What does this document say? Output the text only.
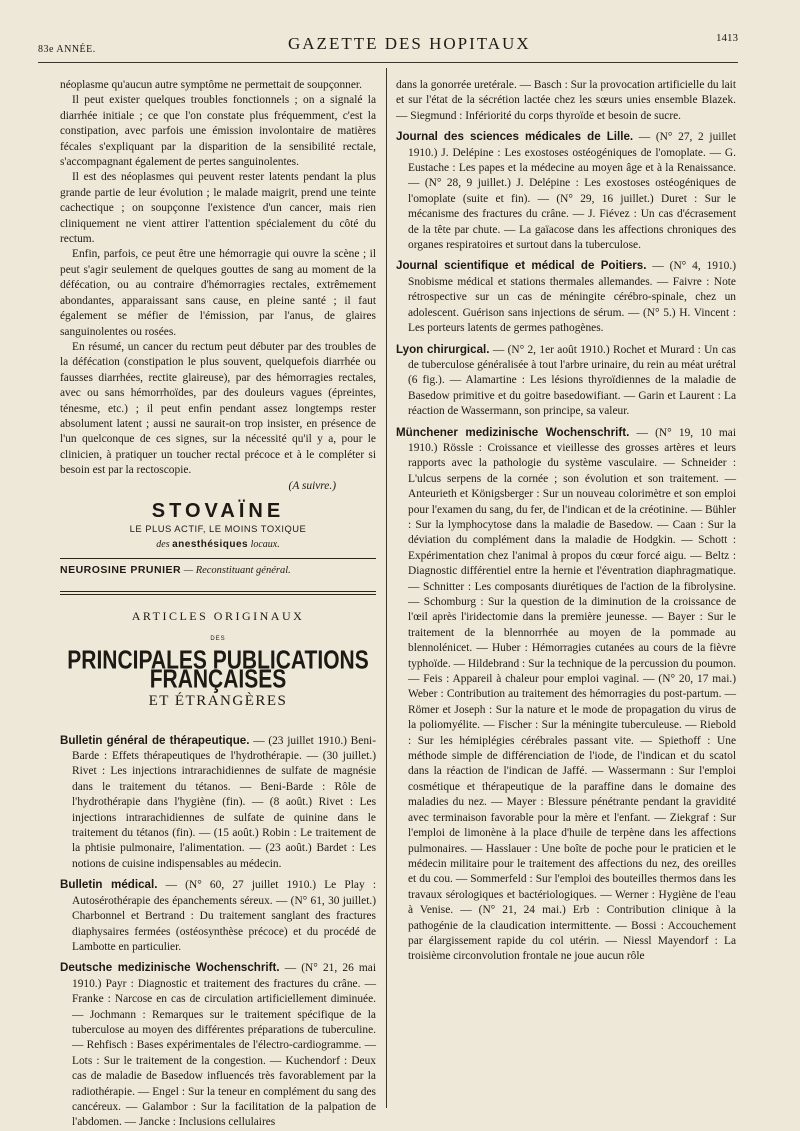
83e ANNÉE.	GAZETTE DES HOPITAUX	1413

néoplasme qu'aucun autre symptôme ne permettait de soupçonner.

Il peut exister quelques troubles fonctionnels ; on a signalé la diarrhée initiale ; ce que l'on constate plus fréquemment, c'est la constipation, avec parfois une émission involontaire de matières fécales s'expliquant par la disparition de la sensibilité rectale, s'accompagnant également de pertes sanguinolentes.

Il est des néoplasmes qui peuvent rester latents pendant la plus grande partie de leur évolution ; le malade maigrit, prend une teinte cachectique ; on soupçonne l'existence d'un cancer, mais rien cliniquement ne vient attirer l'attention spécialement du côté du rectum.

Enfin, parfois, ce peut être une hémorragie qui ouvre la scène ; il peut s'agir seulement de quelques gouttes de sang au moment de la défécation, ou au contraire d'hémorragies rectales, extrêmement abondantes, apparaissant sans cause, en pleine santé ; il faut également se méfier de l'émission, par l'anus, de glaires sanguinolentes ou rosées.

En résumé, un cancer du rectum peut débuter par des troubles de la défécation (constipation le plus souvent, quelquefois diarrhée ou fausses diarrhées, rectite glaireuse), par des hémorragies rectales, avec ou sans hémorrhoïdes, par des douleurs vagues (épreintes, ténesme, etc.) ; il peut enfin pendant assez longtemps rester absolument latent ; aussi ne saurait-on trop insister, en présence de l'un quelconque de ces signes, sur la nécessité qu'il y a, pour le clinicien, à pratiquer un toucher rectal précoce et à le compléter si besoin est par la rectoscopie.

(A suivre.)

STOVAÏNE
LE PLUS ACTIF, LE MOINS TOXIQUE
des anesthésiques locaux.
NEUROSINE PRUNIER — Reconstituant général.
ARTICLES ORIGINAUX
DES
PRINCIPALES PUBLICATIONS FRANÇAISES
ET ÉTRANGÈRES

Bulletin général de thérapeutique. — (23 juillet 1910.) Beni-Barde : Effets thérapeutiques de l'hydrothérapie. — (30 juillet.) Rivet : Les injections intrarachidiennes de sulfate de magnésie dans le traitement du tétanos. — Beni-Barde : Rôle de l'hydrothérapie dans l'hygiène (fin). — (8 août.) Rivet : Les injections intrarachidiennes de sulfate de quinine dans le traitement du tétanos (fin). — (15 août.) Robin : Le traitement de la phtisie pulmonaire, l'alimentation. — (23 août.) Bardet : Les notions de cuisine indispensables au médecin.

Bulletin médical. — (N° 60, 27 juillet 1910.) Le Play : Autosérothérapie des épanchements séreux. — (N° 61, 30 juillet.) Charbonnel et Bertrand : Du traitement sanglant des fractures diaphysaires fermées (ostéosynthèse précoce) et du procédé de Lambotte en particulier.

Deutsche medizinische Wochenschrift. — (N° 21, 26 mai 1910.) Payr : Diagnostic et traitement des fractures du crâne. — Franke : Narcose en cas de circulation artificiellement diminuée. — Jochmann : Remarques sur le traitement spécifique de la tuberculose au moyen des différentes préparations de tuberculine. — Rehfisch : Bases expérimentales de l'électro-cardiogramme. — Lots : Sur le traitement de la congestion. — Kuchendorf : Deux cas de maladie de Basedow influencés très favorablement par la radiothérapie. — Engel : Sur la teneur en complément du sang des cancéreux. — Galambor : Sur la facilitation de la palpation de l'abdomen. — Jancke : Inclusions cellulaires

dans la gonorrée uretérale. — Basch : Sur la provocation artificielle du lait et sur l'état de la sécrétion lactée chez les sœurs unies ensemble Blazek. — Siegmund : Infériorité du corps thyroïde et besoin de sucre.

Journal des sciences médicales de Lille. — (N° 27, 2 juillet 1910.) J. Delépine : Les exostoses ostéogéniques de l'omoplate. — G. Eustache : Les papes et la médecine au moyen âge et à la Renaissance. — (N° 28, 9 juillet.) J. Delépine : Les exostoses ostéogéniques de l'omoplate (suite et fin). — (N° 29, 16 juillet.) Duret : Sur le mécanisme des fractures du crâne. — J. Fiévez : Un cas d'écrasement de la tête par chute. — La gaïacose dans les affections chroniques des organes respiratoires et surtout dans la tuberculose.

Journal scientifique et médical de Poitiers. — (N° 4, 1910.) Snobisme médical et stations thermales allemandes. — Faivre : Note rétrospective sur un cas de méningite cérébro-spinale, chez un adolescent. Guérison sans injections de sérum. — (N° 5.) H. Vincent : Les porteurs latents de germes pathogènes.

Lyon chirurgical. — (N° 2, 1er août 1910.) Rochet et Murard : Un cas de tuberculose généralisée à tout l'arbre urinaire, du rein au méat urétral (6 fig.). — Alamartine : Les lésions thyroïdiennes de la maladie de Basedow primitive et du goitre basedowifiant. — Garin et Laurent : La réaction de Wassermann, son principe, sa valeur.

Münchener medizinische Wochenschrift. — (N° 19, 10 mai 1910.) Rössle : Croissance et vieillesse des grosses artères et leurs rapports avec la pathologie du système vasculaire. — Schneider : L'ulcus serpens de la cornée ; son évolution et son traitement. — Anteurieth et Königsberger : Sur un nouveau colorimètre et son emploi pour l'examen du sang, du fer, de l'indican et de la créotinine. — Bühler : Sur la lymphocytose dans la maladie de Basedow. — Caan : Sur la déviation du complément dans la maladie de Hodgkin. — Schott : Expérimentation chez l'animal à propos du cœur forcé aigu. — Beltz : Diagnostic différentiel entre la hernie et l'éventration diaphragmatique. — Schnitter : Les composants diurétiques de l'action de la fibrolysine. — Schomburg : Sur la question de la diminution de la croissance de l'œil après l'iridectomie dans la première jeunesse. — Bayer : Sur le traitement de la blennorrhée au moyen de la pommade au blennolénicet. — Huber : Hémorragies cutanées au cours de la fièvre typhoïde. — Hildebrand : Sur la technique de la percussion du poumon. — Feis : Appareil à chaleur pour emploi vaginal. — (N° 20, 17 mai.) Weber : Contribution au traitement des hémorragies du post-partum. — Römer et Joseph : Sur la nature et le mode de propagation du virus de la poliomyélite. — Fischer : Sur la méningite tuberculeuse. — Riebold : Sur les hémiplégies cérébrales passant vite. — Spiethoff : Une méthode simple de différenciation de l'iode, de l'indican et du scatol dans la réaction de l'indican de Jaffé. — Wassermann : Sur l'emploi cosmétique et thérapeutique de la paraffine dans le domaine des maladies du nez. — Mayer : Blessure pénétrante pendant la gravidité avec terminaison favorable pour la mère et l'enfant. — Ziekgraf : Sur l'emploi de limonène à la place d'huile de terpène dans les affections pulmonaires. — Hasslauer : Une boîte de poche pour le praticien et le médecin militaire pour le traitement des affections du nez, des oreilles et du cou. — Sommerfeld : Sur l'emploi des bouteilles thermos dans les travaux sérologiques et bactériologiques. — Werner : Hygiène de l'eau à Venise. — (N° 21, 24 mai.) Erb : Contribution clinique à la pathogénie de la claudication intermittente. — Bossi : Accouchement par élargissement rapide du col utérin. — Niessl Mayendorf : La troisième circonvolution frontale ne joue aucun rôle
